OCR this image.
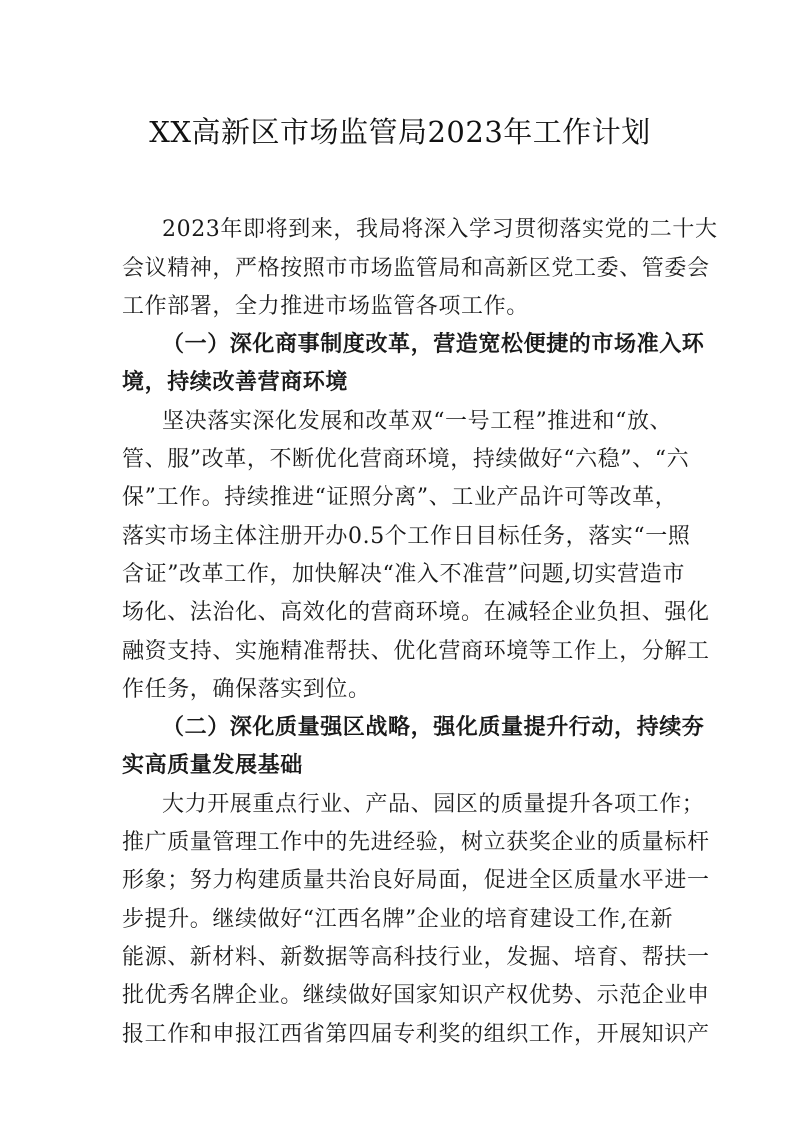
XX高新区市场监管局2023年工作计划
2023年即将到来，我局将深入学习贯彻落实党的二十大
会议精神，严格按照市市场监管局和高新区党工委、管委会
工作部署，全力推进市场监管各项工作。
（一）深化商事制度改革，营造宽松便捷的市场准入环
境，持续改善营商环境
坚决落实深化发展和改革双“一号工程”推进和“放、
管、服”改革，不断优化营商环境，持续做好“六稳”、“六
保”工作。持续推进“证照分离”、工业产品许可等改革，
落实市场主体注册开办0.5个工作日目标任务，落实“一照
含证”改革工作，加快解决“准入不准营”问题,切实营造市
场化、法治化、高效化的营商环境。在减轻企业负担、强化
融资支持、实施精准帮扶、优化营商环境等工作上，分解工
作任务，确保落实到位。
（二）深化质量强区战略，强化质量提升行动，持续夯
实高质量发展基础
大力开展重点行业、产品、园区的质量提升各项工作；
推广质量管理工作中的先进经验，树立获奖企业的质量标杆
形象；努力构建质量共治良好局面，促进全区质量水平进一
步提升。继续做好“江西名牌”企业的培育建设工作,在新
能源、新材料、新数据等高科技行业，发掘、培育、帮扶一
批优秀名牌企业。继续做好国家知识产权优势、示范企业申
报工作和申报江西省第四届专利奖的组织工作，开展知识产
